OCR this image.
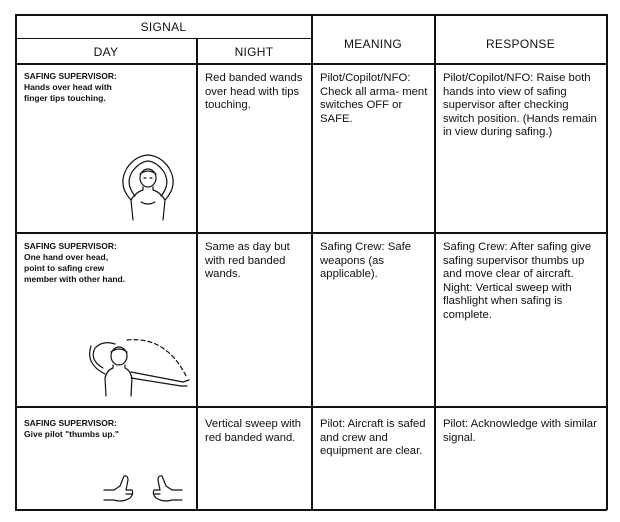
SIGNAL
DAY	NIGHT
MEANING	RESPONSE
SAFING SUPERVISOR:
Hands over head with finger tips touching.
Red banded wands over head with tips touching.
Pilot/Copilot/NFO: Check all arma- ment switches OFF or SAFE.
Pilot/Copilot/NFO: Raise both hands into view of safing supervisor after checking switch position. (Hands remain in view during safing.)
SAFING SUPERVISOR:
One hand over head, point to safing crew member with other hand.
Same as day but with red banded wands.
Safing Crew: Safe weapons (as applicable).
Safing Crew: After safing give safing supervisor thumbs up and move clear of aircraft. Night: Vertical sweep with flashlight when safing is complete.
SAFING SUPERVISOR:
Give pilot "thumbs up."
Vertical sweep with red banded wand.
Pilot: Aircraft is safed and crew and equipment are clear.
Pilot: Acknowledge with similar signal.
